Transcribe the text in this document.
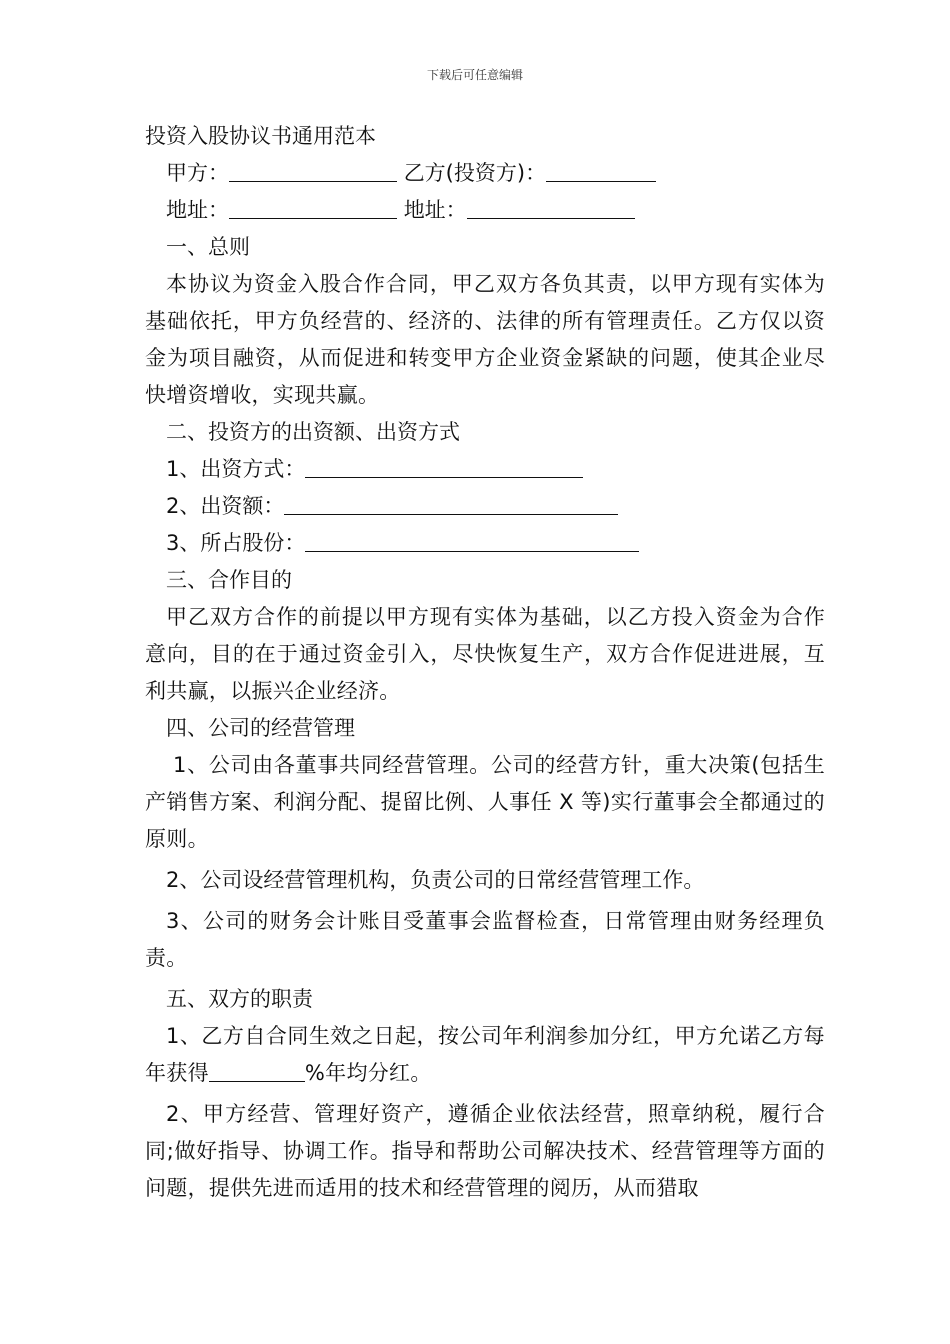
下载后可任意编辑

投资入股协议书通用范本

甲方：	乙方(投资方)：

地址：	地址：

一、总则

本协议为资金入股合作合同，甲乙双方各负其责，以甲方现有实体为基础依托，甲方负经营的、经济的、法律的所有管理责任。乙方仅以资金为项目融资，从而促进和转变甲方企业资金紧缺的问题，使其企业尽快增资增收，实现共赢。

二、投资方的出资额、出资方式

1、出资方式：

2、出资额：

3、所占股份：

三、合作目的

甲乙双方合作的前提以甲方现有实体为基础，以乙方投入资金为合作意向，目的在于通过资金引入，尽快恢复生产，双方合作促进进展，互利共赢，以振兴企业经济。

四、公司的经营管理

1、公司由各董事共同经营管理。公司的经营方针，重大决策(包括生产销售方案、利润分配、提留比例、人事任 X 等)实行董事会全都通过的原则。

2、公司设经营管理机构，负责公司的日常经营管理工作。

3、公司的财务会计账目受董事会监督检查，日常管理由财务经理负责。

五、双方的职责

1、乙方自合同生效之日起，按公司年利润参加分红，甲方允诺乙方每年获得	%年均分红。

2、甲方经营、管理好资产，遵循企业依法经营，照章纳税，履行合同;做好指导、协调工作。指导和帮助公司解决技术、经营管理等方面的问题，提供先进而适用的技术和经营管理的阅历，从而猎取
